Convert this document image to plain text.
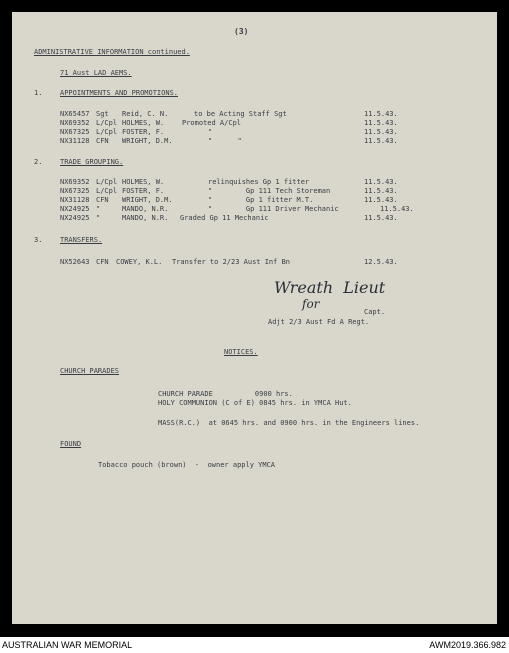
(3)
ADMINISTRATIVE INFORMATION continued.
71 Aust LAD AEMS.
1.	APPOINTMENTS AND PROMOTIONS.
NX65457 Sgt Reid, C. N.	to be Acting Staff Sgt	11.5.43.
NX69352 L/Cpl HOLMES, W.	Promoted A/Cpl	11.5.43.
NX67325 L/Cpl FOSTER, F.	"	11.5.43.
NX31128 CFN WRIGHT, D.M.	"      "	11.5.43.
2.	TRADE GROUPING.
NX69352 L/Cpl HOLMES, W.	relinquishes Gp 1 fitter	11.5.43.
NX67325 L/Cpl FOSTER, F.	"        Gp 111 Tech Storeman	11.5.43.
NX31128 CFN WRIGHT, D.M.	"        Gp 1 fitter M.T.	11.5.43.
NX24925 "	MANDO, N.R.	"        Gp 111 Driver Mechanic	11.5.43.
NX24925 "	MANDO, N.R. Graded Gp 11 Mechanic	11.5.43.
3.	TRANSFERS.
NX52643 CFN COWEY, K.L. Transfer to 2/23 Aust Inf Bn	12.5.43.
Wreath  Lieut
for
Capt.
Adjt 2/3 Aust Fd A Regt.
NOTICES.
CHURCH PARADES
CHURCH PARADE          0900 hrs.
HOLY COMMUNION (C of E) 0845 hrs. in YMCA Hut.
MASS(R.C.)  at 0645 hrs. and 0900 hrs. in the Engineers lines.
FOUND
Tobacco pouch (brown)  -  owner apply YMCA
AUSTRALIAN WAR MEMORIAL	AWM2019.366.982
